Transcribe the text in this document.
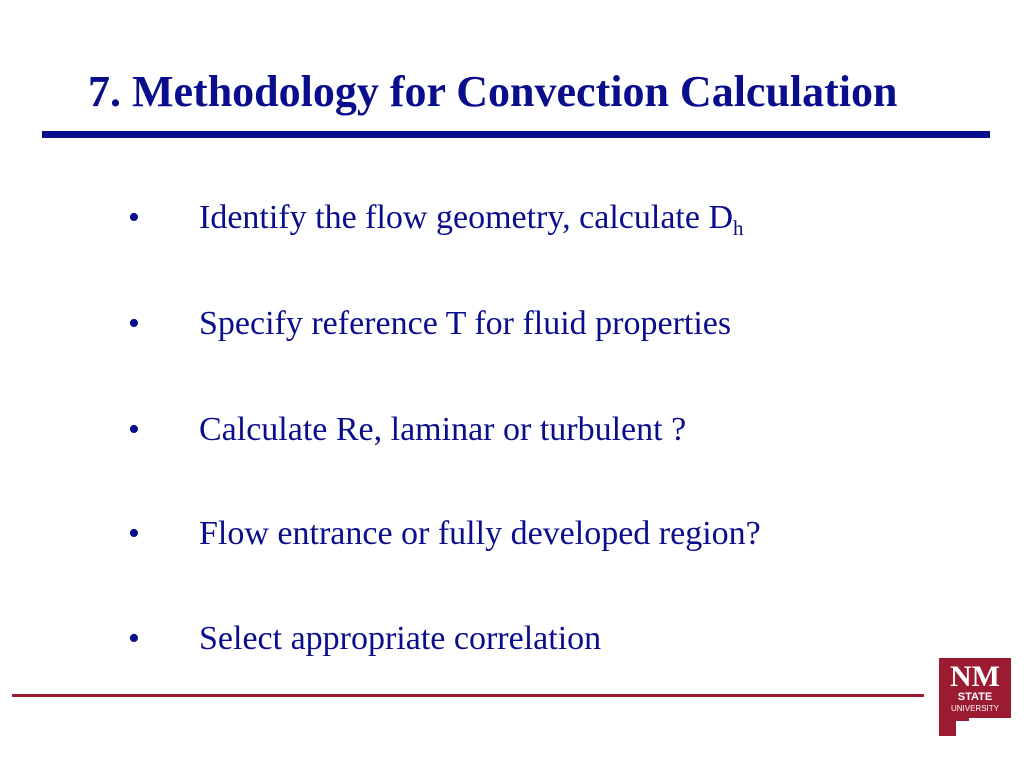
7. Methodology for Convection Calculation
• Identify the flow geometry, calculate $D_h$
• Specify reference T for fluid properties
• Calculate Re, laminar or turbulent ?
• Flow entrance or fully developed region?
• Select appropriate correlation
NM
STATE
UNIVERSITY
